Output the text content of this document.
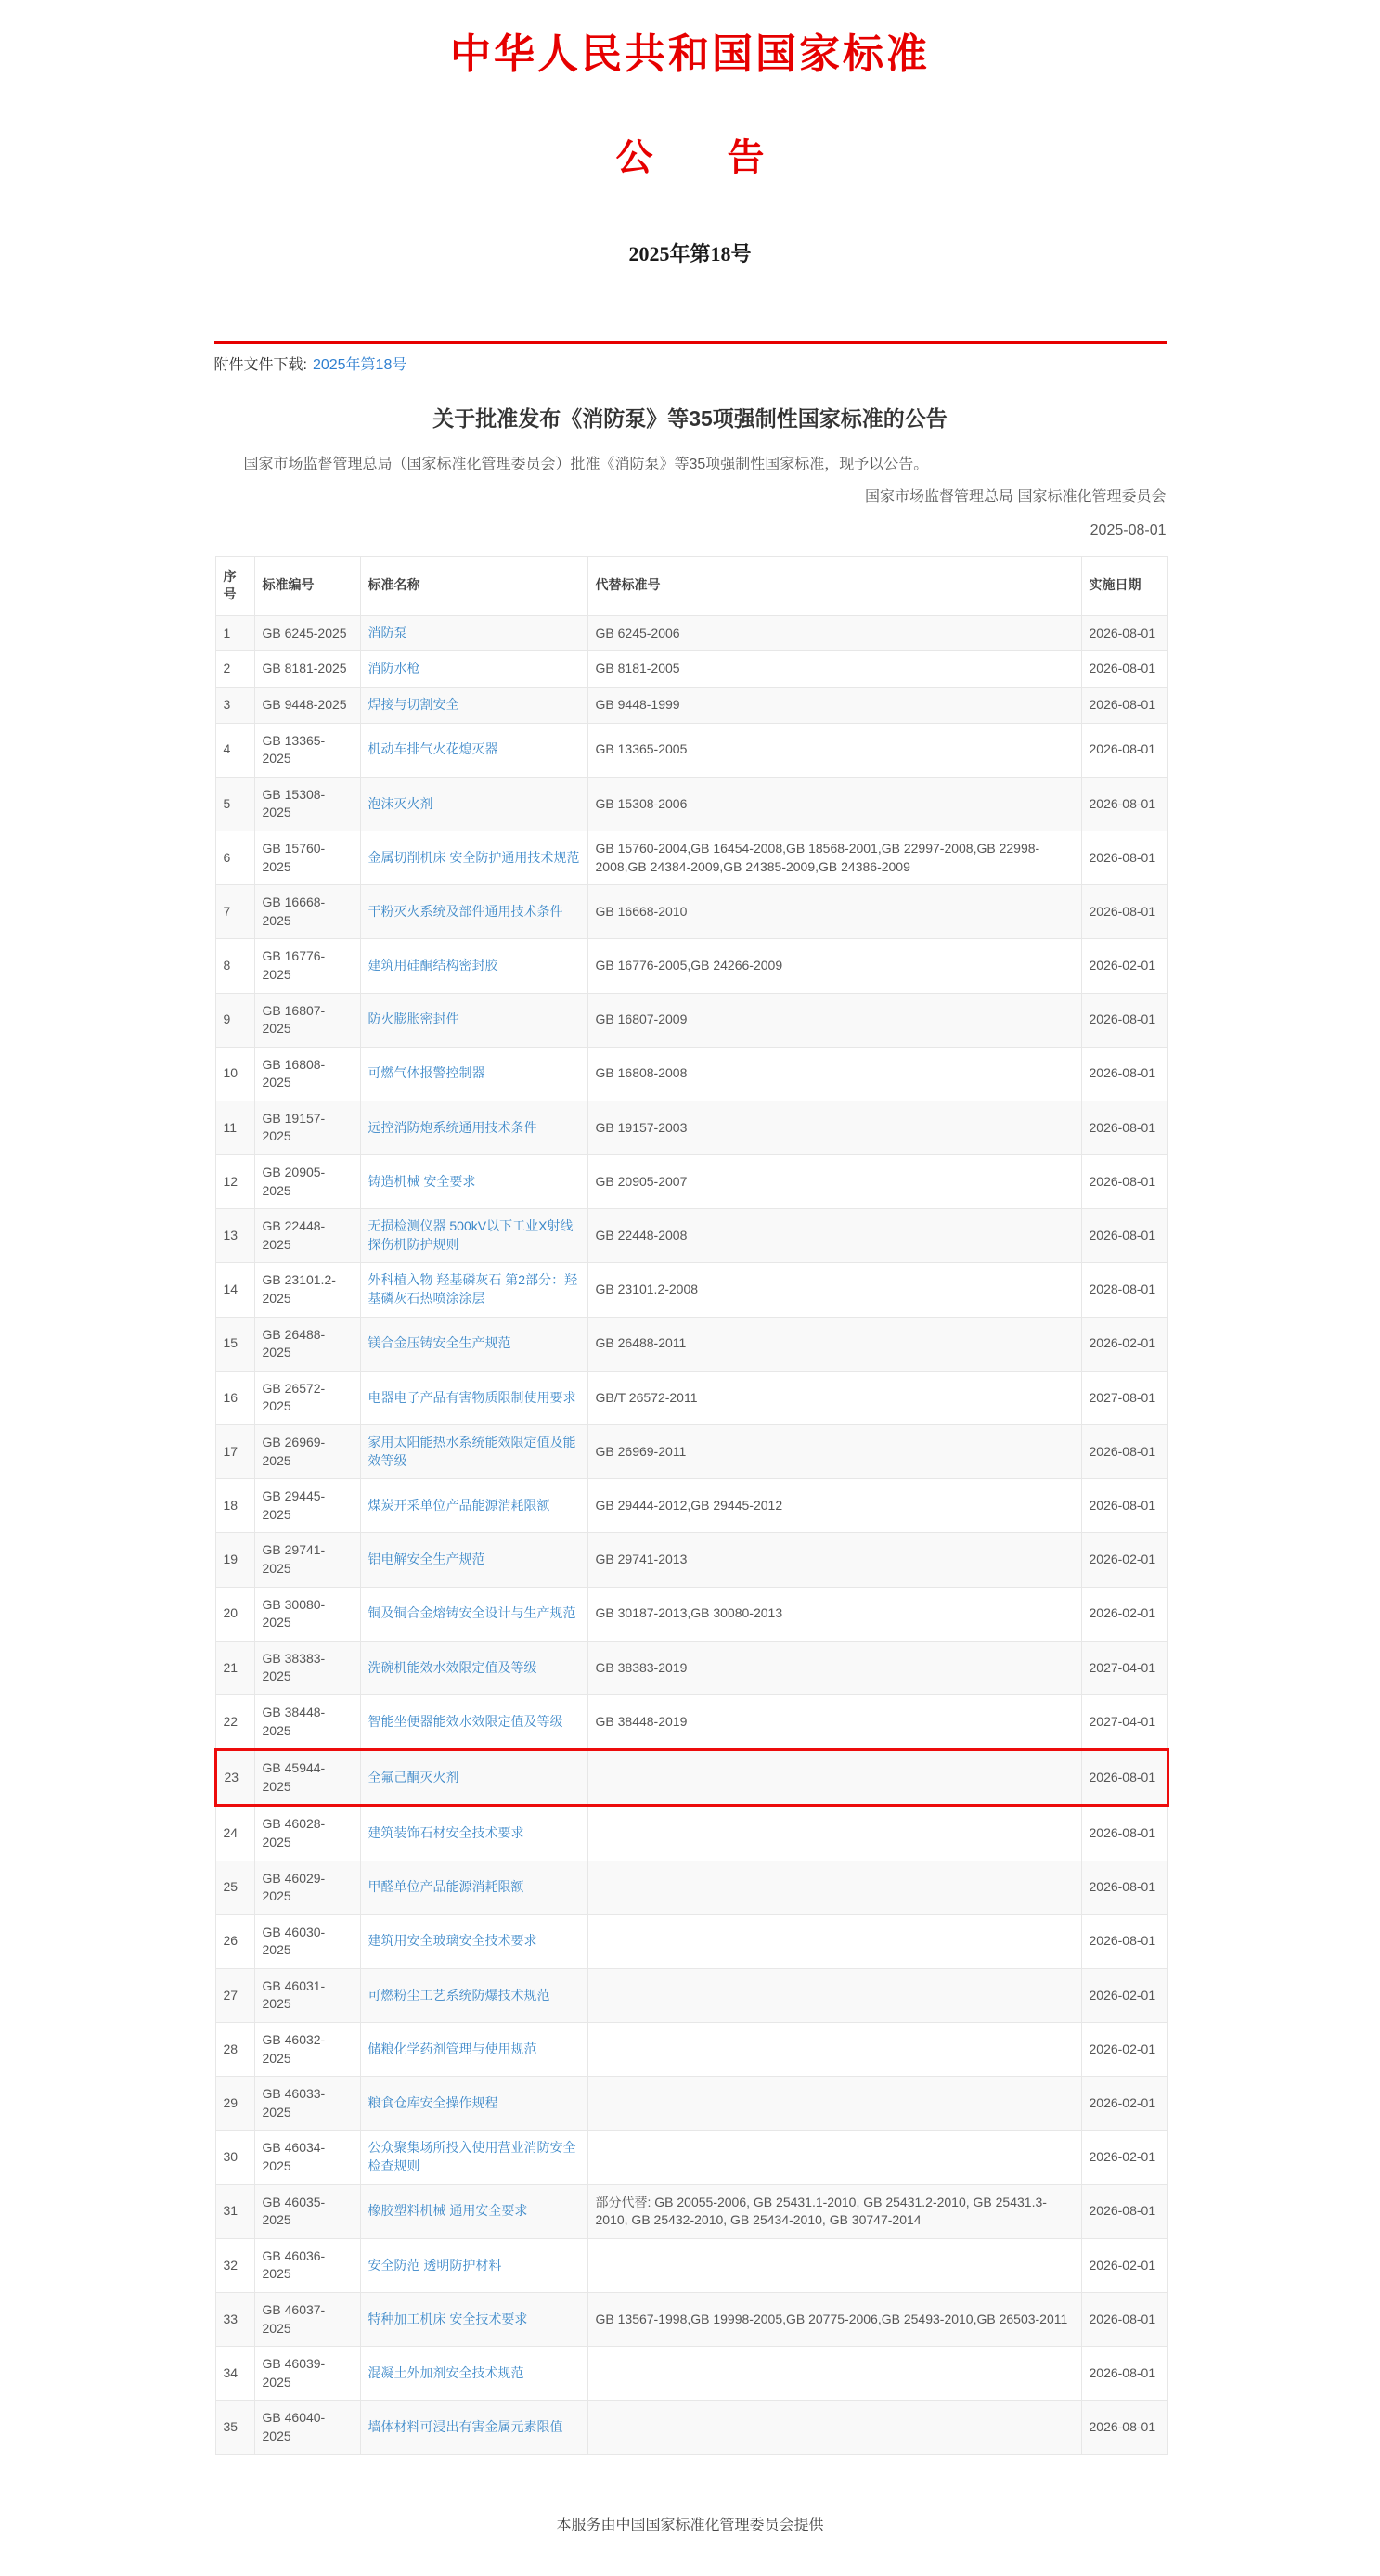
中华人民共和国国家标准
公　　告
2025年第18号
附件文件下载: 2025年第18号
关于批准发布《消防泵》等35项强制性国家标准的公告

国家市场监督管理总局（国家标准化管理委员会）批准《消防泵》等35项强制性国家标准，现予以公告。

国家市场监督管理总局 国家标准化管理委员会
2025-08-01
序号	标准编号	标准名称	代替标准号	实施日期
1	GB 6245-2025	消防泵	GB 6245-2006	2026-08-01
2	GB 8181-2025	消防水枪	GB 8181-2005	2026-08-01
3	GB 9448-2025	焊接与切割安全	GB 9448-1999	2026-08-01
4	GB 13365-2025	机动车排气火花熄灭器	GB 13365-2005	2026-08-01
5	GB 15308-2025	泡沫灭火剂	GB 15308-2006	2026-08-01
6	GB 15760-2025	金属切削机床 安全防护通用技术规范	GB 15760-2004,GB 16454-2008,GB 18568-2001,GB 22997-2008,GB 22998-2008,GB 24384-2009,GB 24385-2009,GB 24386-2009	2026-08-01
7	GB 16668-2025	干粉灭火系统及部件通用技术条件	GB 16668-2010	2026-08-01
8	GB 16776-2025	建筑用硅酮结构密封胶	GB 16776-2005,GB 24266-2009	2026-02-01
9	GB 16807-2025	防火膨胀密封件	GB 16807-2009	2026-08-01
10	GB 16808-2025	可燃气体报警控制器	GB 16808-2008	2026-08-01
11	GB 19157-2025	远控消防炮系统通用技术条件	GB 19157-2003	2026-08-01
12	GB 20905-2025	铸造机械 安全要求	GB 20905-2007	2026-08-01
13	GB 22448-2025	无损检测仪器 500kV以下工业X射线探伤机防护规则	GB 22448-2008	2026-08-01
14	GB 23101.2-2025	外科植入物 羟基磷灰石 第2部分：羟基磷灰石热喷涂涂层	GB 23101.2-2008	2028-08-01
15	GB 26488-2025	镁合金压铸安全生产规范	GB 26488-2011	2026-02-01
16	GB 26572-2025	电器电子产品有害物质限制使用要求	GB/T 26572-2011	2027-08-01
17	GB 26969-2025	家用太阳能热水系统能效限定值及能效等级	GB 26969-2011	2026-08-01
18	GB 29445-2025	煤炭开采单位产品能源消耗限额	GB 29444-2012,GB 29445-2012	2026-08-01
19	GB 29741-2025	铝电解安全生产规范	GB 29741-2013	2026-02-01
20	GB 30080-2025	铜及铜合金熔铸安全设计与生产规范	GB 30187-2013,GB 30080-2013	2026-02-01
21	GB 38383-2025	洗碗机能效水效限定值及等级	GB 38383-2019	2027-04-01
22	GB 38448-2025	智能坐便器能效水效限定值及等级	GB 38448-2019	2027-04-01
23	GB 45944-2025	全氟己酮灭火剂		2026-08-01
24	GB 46028-2025	建筑装饰石材安全技术要求		2026-08-01
25	GB 46029-2025	甲醛单位产品能源消耗限额		2026-08-01
26	GB 46030-2025	建筑用安全玻璃安全技术要求		2026-08-01
27	GB 46031-2025	可燃粉尘工艺系统防爆技术规范		2026-02-01
28	GB 46032-2025	储粮化学药剂管理与使用规范		2026-02-01
29	GB 46033-2025	粮食仓库安全操作规程		2026-02-01
30	GB 46034-2025	公众聚集场所投入使用营业消防安全检查规则		2026-02-01
31	GB 46035-2025	橡胶塑料机械 通用安全要求	部分代替: GB 20055-2006, GB 25431.1-2010, GB 25431.2-2010, GB 25431.3-2010, GB 25432-2010, GB 25434-2010, GB 30747-2014	2026-08-01
32	GB 46036-2025	安全防范 透明防护材料		2026-02-01
33	GB 46037-2025	特种加工机床 安全技术要求	GB 13567-1998,GB 19998-2005,GB 20775-2006,GB 25493-2010,GB 26503-2011	2026-08-01
34	GB 46039-2025	混凝土外加剂安全技术规范		2026-08-01
35	GB 46040-2025	墙体材料可浸出有害金属元素限值		2026-08-01
本服务由中国国家标准化管理委员会提供
